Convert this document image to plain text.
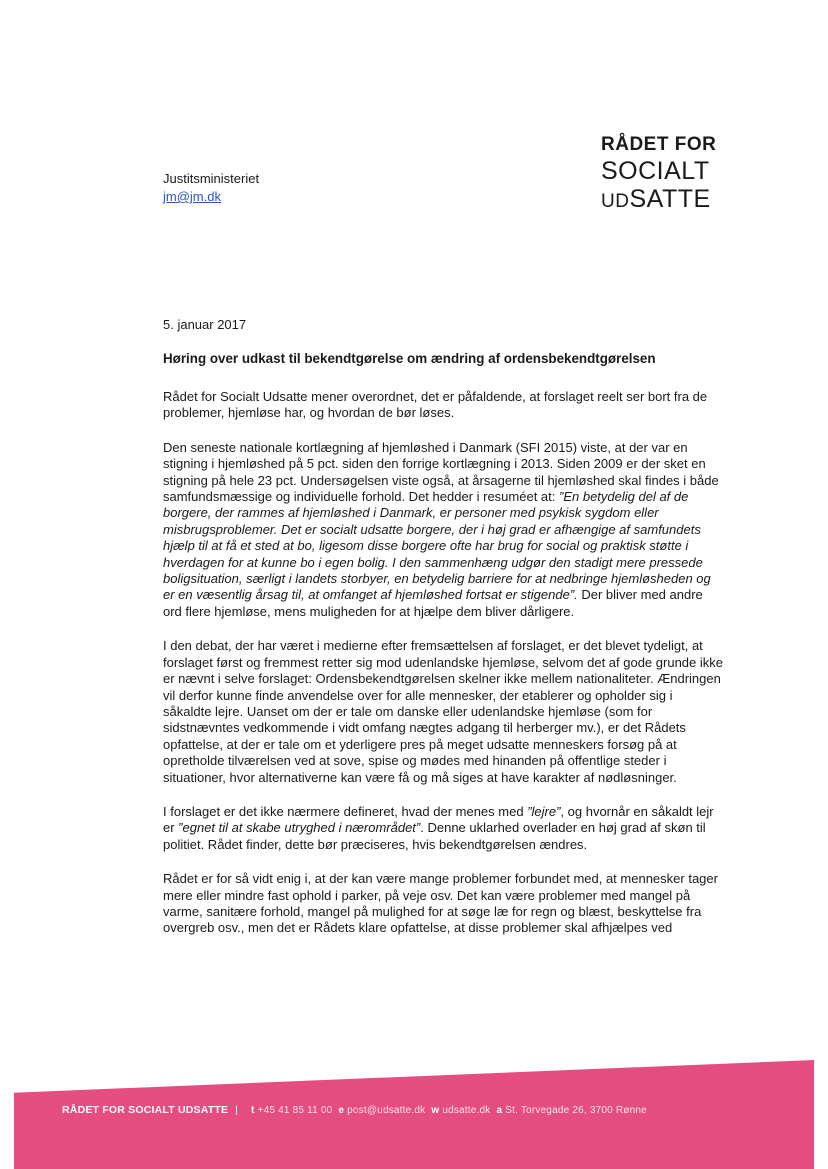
RÅDET FOR
SOCIALT
UDSATTE
Justitsministeriet
jm@jm.dk
5. januar 2017
Høring over udkast til bekendtgørelse om ændring af ordensbekendtgørelsen

Rådet for Socialt Udsatte mener overordnet, det er påfaldende, at forslaget reelt ser bort fra de problemer, hjemløse har, og hvordan de bør løses.

Den seneste nationale kortlægning af hjemløshed i Danmark (SFI 2015) viste, at der var en stigning i hjemløshed på 5 pct. siden den forrige kortlægning i 2013. Siden 2009 er der sket en stigning på hele 23 pct. Undersøgelsen viste også, at årsagerne til hjemløshed skal findes i både samfundsmæssige og individuelle forhold. Det hedder i resuméet at: ”En betydelig del af de borgere, der rammes af hjemløshed i Danmark, er personer med psykisk sygdom eller misbrugsproblemer. Det er socialt udsatte borgere, der i høj grad er afhængige af samfundets hjælp til at få et sted at bo, ligesom disse borgere ofte har brug for social og praktisk støtte i hverdagen for at kunne bo i egen bolig. I den sammenhæng udgør den stadigt mere pressede boligsituation, særligt i landets storbyer, en betydelig barriere for at nedbringe hjemløsheden og er en væsentlig årsag til, at omfanget af hjemløshed fortsat er stigende”. Der bliver med andre ord flere hjemløse, mens muligheden for at hjælpe dem bliver dårligere.

I den debat, der har været i medierne efter fremsættelsen af forslaget, er det blevet tydeligt, at forslaget først og fremmest retter sig mod udenlandske hjemløse, selvom det af gode grunde ikke er nævnt i selve forslaget: Ordensbekendtgørelsen skelner ikke mellem nationaliteter. Ændringen vil derfor kunne finde anvendelse over for alle mennesker, der etablerer og opholder sig i såkaldte lejre. Uanset om der er tale om danske eller udenlandske hjemløse (som for sidstnævntes vedkommende i vidt omfang nægtes adgang til herberger mv.), er det Rådets opfattelse, at der er tale om et yderligere pres på meget udsatte menneskers forsøg på at opretholde tilværelsen ved at sove, spise og mødes med hinanden på offentlige steder i situationer, hvor alternativerne kan være få og må siges at have karakter af nødløsninger.

I forslaget er det ikke nærmere defineret, hvad der menes med ”lejre”, og hvornår en såkaldt lejr er ”egnet til at skabe utryghed i nærområdet”. Denne uklarhed overlader en høj grad af skøn til politiet. Rådet finder, dette bør præciseres, hvis bekendtgørelsen ændres.

Rådet er for så vidt enig i, at der kan være mange problemer forbundet med, at mennesker tager mere eller mindre fast ophold i parker, på veje osv. Det kan være problemer med mangel på varme, sanitære forhold, mangel på mulighed for at søge læ for regn og blæst, beskyttelse fra overgreb osv., men det er Rådets klare opfattelse, at disse problemer skal afhjælpes ved

RÅDET FOR SOCIALT UDSATTE | t +45 41 85 11 00 e post@udsatte.dk w udsatte.dk a St. Torvegade 26, 3700 Rønne
